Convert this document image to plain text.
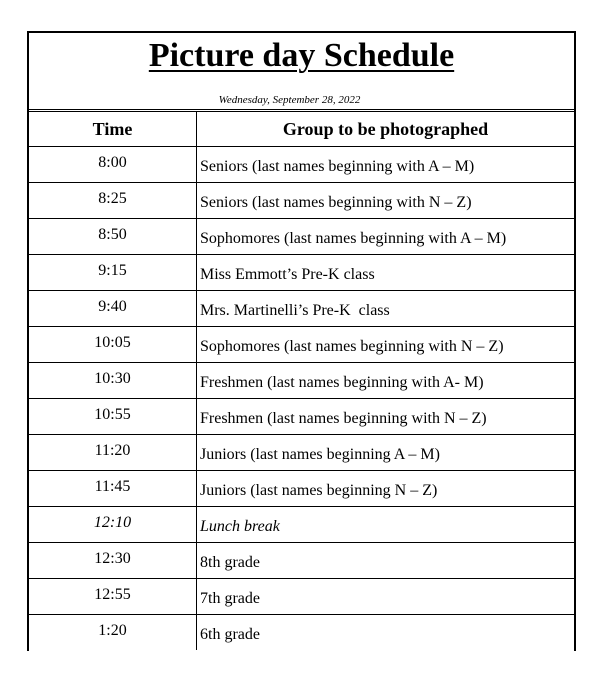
Picture day Schedule
Wednesday, September 28, 2022
Time	Group to be photographed
8:00	Seniors (last names beginning with A – M)
8:25	Seniors (last names beginning with N – Z)
8:50	Sophomores (last names beginning with A – M)
9:15	Miss Emmott’s Pre-K class
9:40	Mrs. Martinelli’s Pre-K  class
10:05	Sophomores (last names beginning with N – Z)
10:30	Freshmen (last names beginning with A- M)
10:55	Freshmen (last names beginning with N – Z)
11:20	Juniors (last names beginning A – M)
11:45	Juniors (last names beginning N – Z)
12:10	Lunch break
12:30	8th grade
12:55	7th grade
1:20	6th grade
